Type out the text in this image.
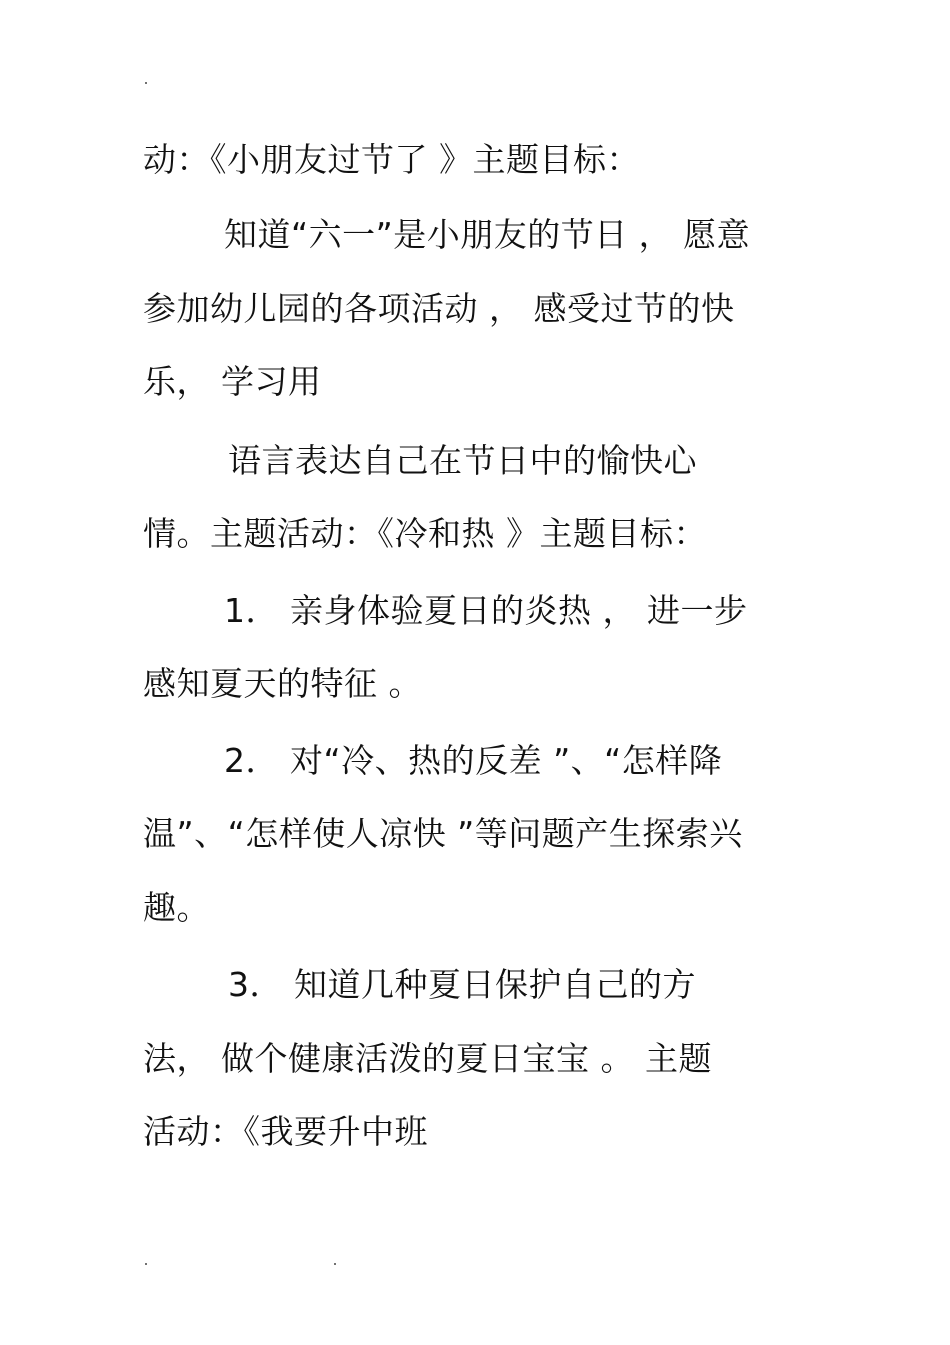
动：《小朋友过节了 》主题目标：
知道“六一”是小朋友的节日 ， 愿意
参加幼儿园的各项活动 ， 感受过节的快
乐， 学习用
语言表达自己在节日中的愉快心
情。主题活动：《冷和热 》主题目标：
1． 亲身体验夏日的炎热 ， 进一步
感知夏天的特征 。
2． 对“冷、热的反差 ”、“怎样降
温”、“怎样使人凉快 ”等问题产生探索兴
趣。
3． 知道几种夏日保护自己的方
法， 做个健康活泼的夏日宝宝 。 主题
活动：《我要升中班
